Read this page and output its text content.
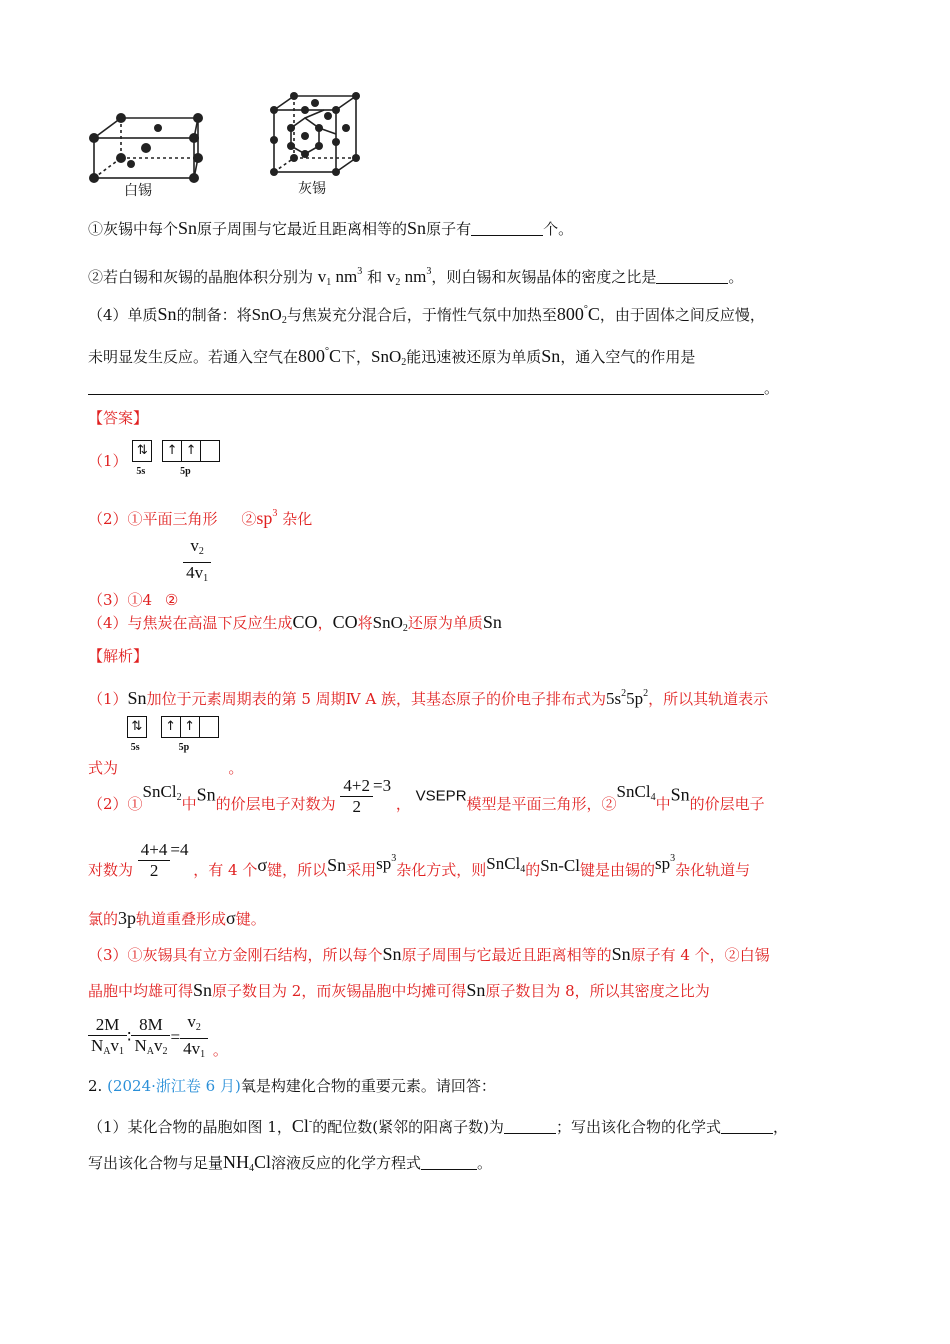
白锡	灰锡
①灰锡中每个Sn原子周围与它最近且距离相等的Sn原子有	个。
②若白锡和灰锡的晶胞体积分别为 $v_1$ $nm^3$ 和 $v_2$ $nm^3$，则白锡和灰锡晶体的密度之比是	。
（4）单质Sn的制备：将SnO$_2$与焦炭充分混合后，于惰性气氛中加热至800°C，由于固体之间反应慢，
未明显发生反应。若通入空气在800°C下，SnO$_2$能迅速被还原为单质Sn，通入空气的作用是
。
【答案】
（1） ⇅
5s
↑ ↑
5p
（2）①平面三角形 $②sp^3$ 杂化
（3）①4 ②
$\frac{v_2}{4v_1}$
（4）与焦炭在高温下反应生成CO，CO将SnO$_2$还原为单质Sn
【解析】
（1）Sn加位于元素周期表的第 5 周期Ⅳ A 族，其基态原子的价电子排布式为$5s^25p^2$，所以其轨道表示
式为 ⇅
5s
↑ ↑
5p
。
（2）①SnCl$_2$中Sn的价层电子对数为 $\frac{4+2}{2} =3$ ， VSEPR模型是平面三角形，②SnCl$_4$中Sn的价层电子
对数为 $\frac{4+4}{2} =4$ ，有 4 个σ键，所以Sn采用$sp^3$杂化方式，则SnCl$_4$的Sn-Cl键是由锡的$sp^3$杂化轨道与
氯的3p轨道重叠形成σ键。
（3）①灰锡具有立方金刚石结构，所以每个Sn原子周围与它最近且距离相等的Sn原子有 4 个，②白锡
晶胞中均雄可得Sn原子数目为 2，而灰锡晶胞中均摊可得Sn原子数目为 8，所以其密度之比为
$\frac{2M}{N_Av_1}$ ∶ $\frac{8M}{N_Av_2} = \frac{v_2}{4v_1}$ 。
2. (2024·浙江卷 6 月)氧是构建化合物的重要元素。请回答：
（1）某化合物的晶胞如图 1，Cl-的配位数(紧邻的阳离子数)为	；写出该化合物的化学式	，
写出该化合物与足量$NH_4Cl$溶液反应的化学方程式	。
